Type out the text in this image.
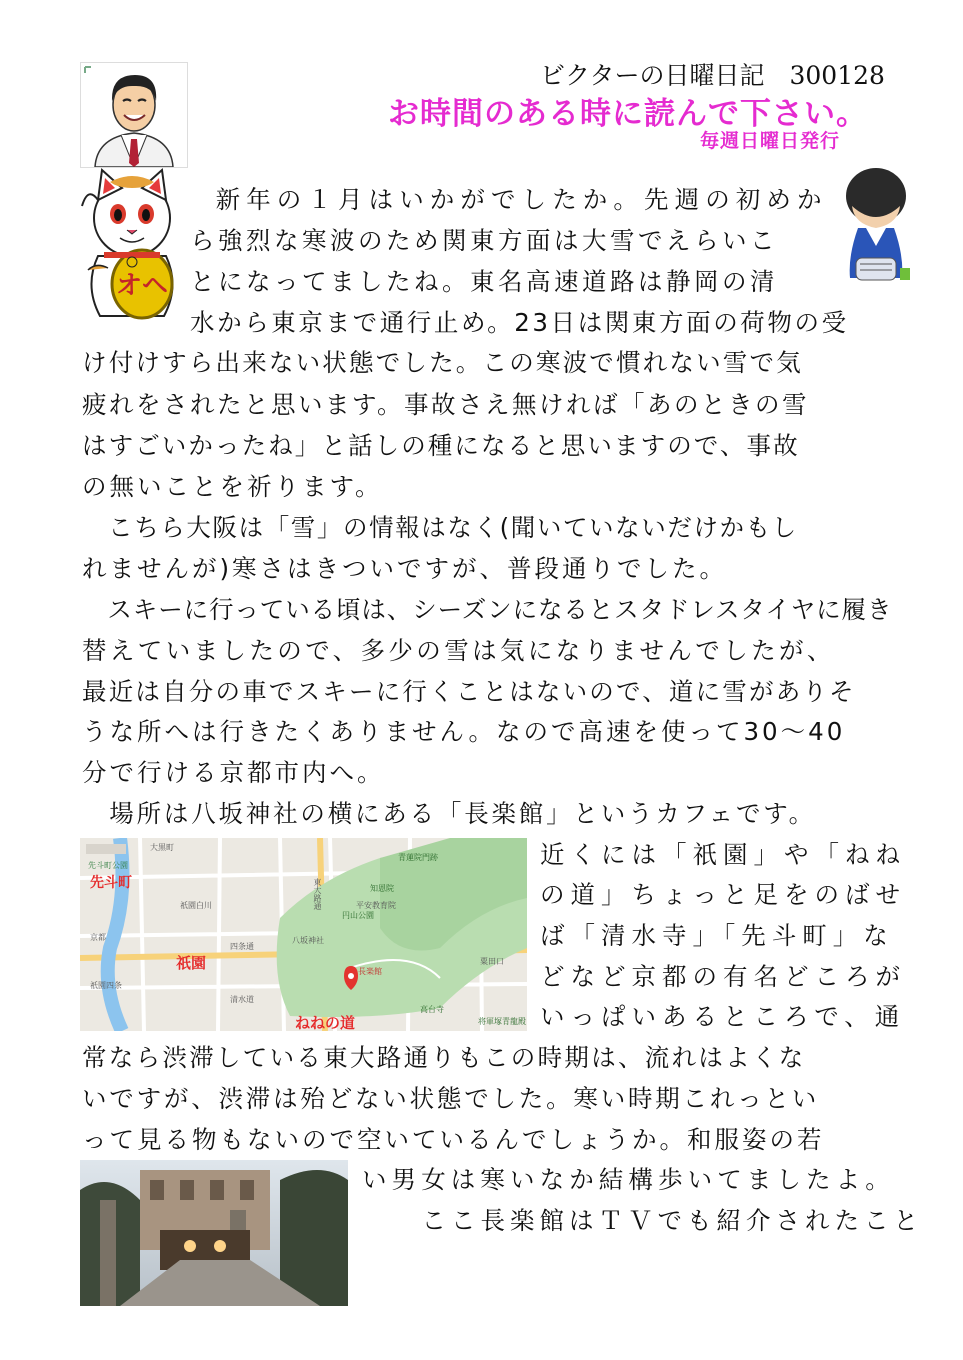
ビクターの日曜日記　300128
お時間のある時に読んで下さい。
毎週日曜日発行
オヘ
　新年の１月はいかがでしたか。先週の初めか
ら強烈な寒波のため関東方面は大雪でえらいこ
とになってましたね。東名高速道路は静岡の清
水から東京まで通行止め。23日は関東方面の荷物の受
け付けすら出来ない状態でした。この寒波で慣れない雪で気
疲れをされたと思います。事故さえ無ければ「あのときの雪
はすごいかったね」と話しの種になると思いますので、事故
の無いことを祈ります。
　こちら大阪は「雪」の情報はなく(聞いていないだけかもし
れませんが)寒さはきついですが、普段通りでした。
　スキーに行っている頃は、シーズンになるとスタドレスタイヤに履き
替えていましたので、多少の雪は気になりませんでしたが、
最近は自分の車でスキーに行くことはないので、道に雪がありそ
うな所へは行きたくありません。なので高速を使って30～40
分で行ける京都市内へ。
　場所は八坂神社の横にある「長楽館」というカフェです。
先斗町
祇園
ねねの道
大黒町
先斗町公園
祇園白川
四条通
八坂神社
円山公園
長楽館
知恩院
青蓮院門跡
平安教育院
清水道
東大路通
高台寺
粟田口
将軍塚青龍殿
京都
祇園四条
近くには「祇園」や「ねね
の道」ちょっと足をのばせ
ば「清水寺」「先斗町」な
どなど京都の有名どころが
いっぱいあるところで、通
常なら渋滞している東大路通りもこの時期は、流れはよくな
いですが、渋滞は殆どない状態でした。寒い時期これっとい
って見る物もないので空いているんでしょうか。和服姿の若
い男女は寒いなか結構歩いてましたよ。
　ここ長楽館はＴＶでも紹介されたこと
